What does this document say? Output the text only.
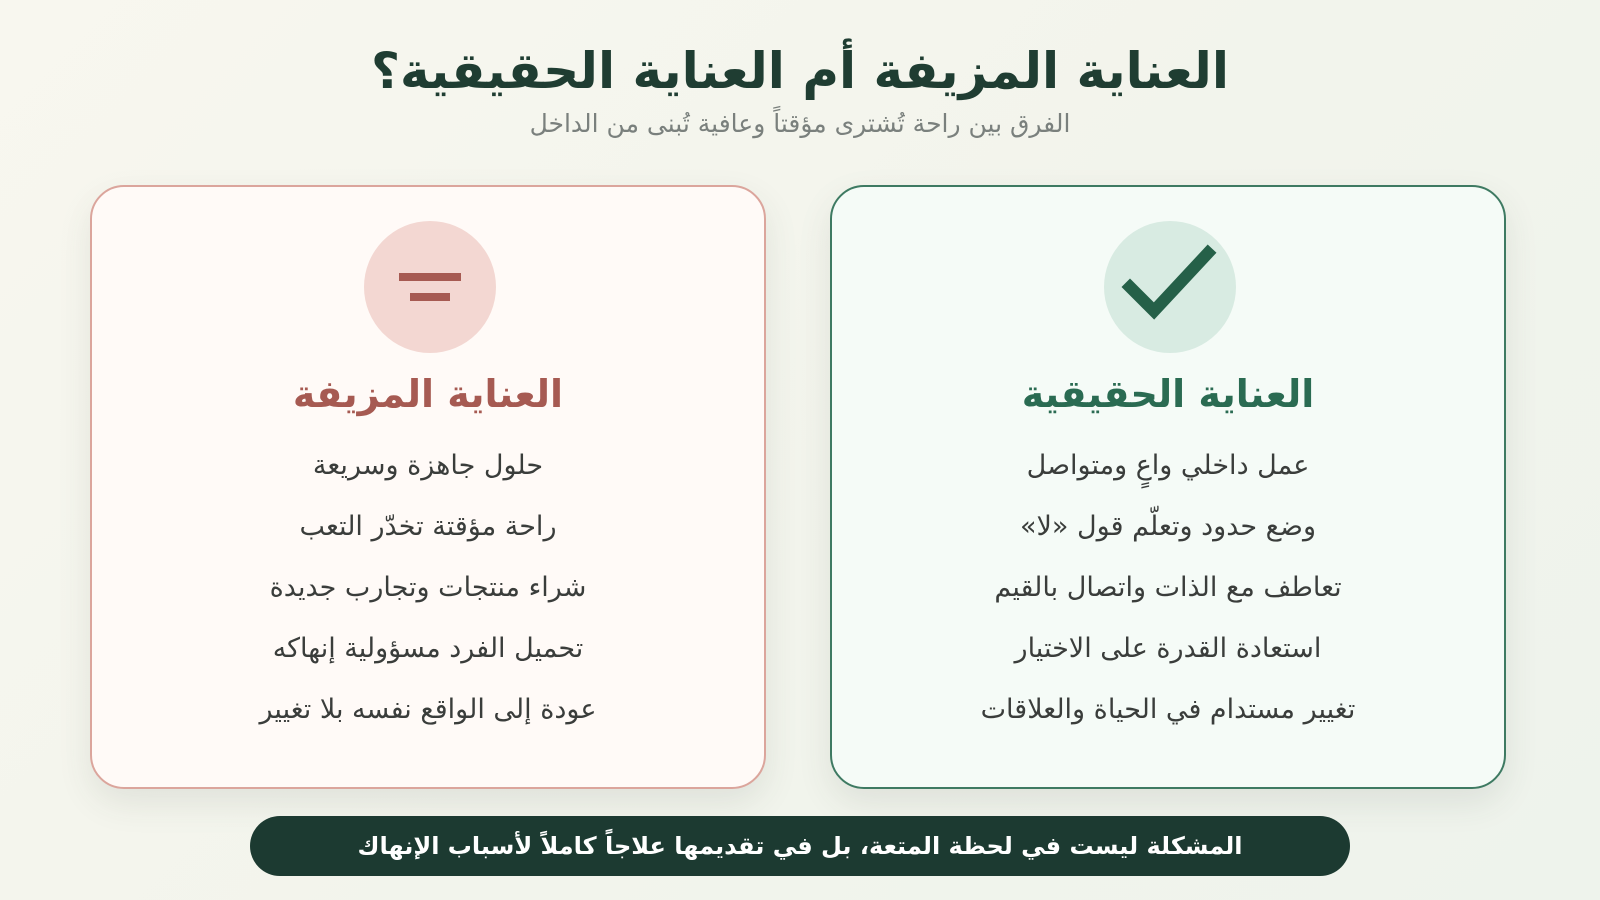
العناية المزيفة أم العناية الحقيقية؟

الفرق بين راحة تُشترى مؤقتاً وعافية تُبنى من الداخل

العناية الحقيقية
عمل داخلي واعٍ ومتواصل
وضع حدود وتعلّم قول «لا»
تعاطف مع الذات واتصال بالقيم
استعادة القدرة على الاختيار
تغيير مستدام في الحياة والعلاقات
العناية المزيفة
حلول جاهزة وسريعة
راحة مؤقتة تخدّر التعب
شراء منتجات وتجارب جديدة
تحميل الفرد مسؤولية إنهاكه
عودة إلى الواقع نفسه بلا تغيير
المشكلة ليست في لحظة المتعة، بل في تقديمها علاجاً كاملاً لأسباب الإنهاك
